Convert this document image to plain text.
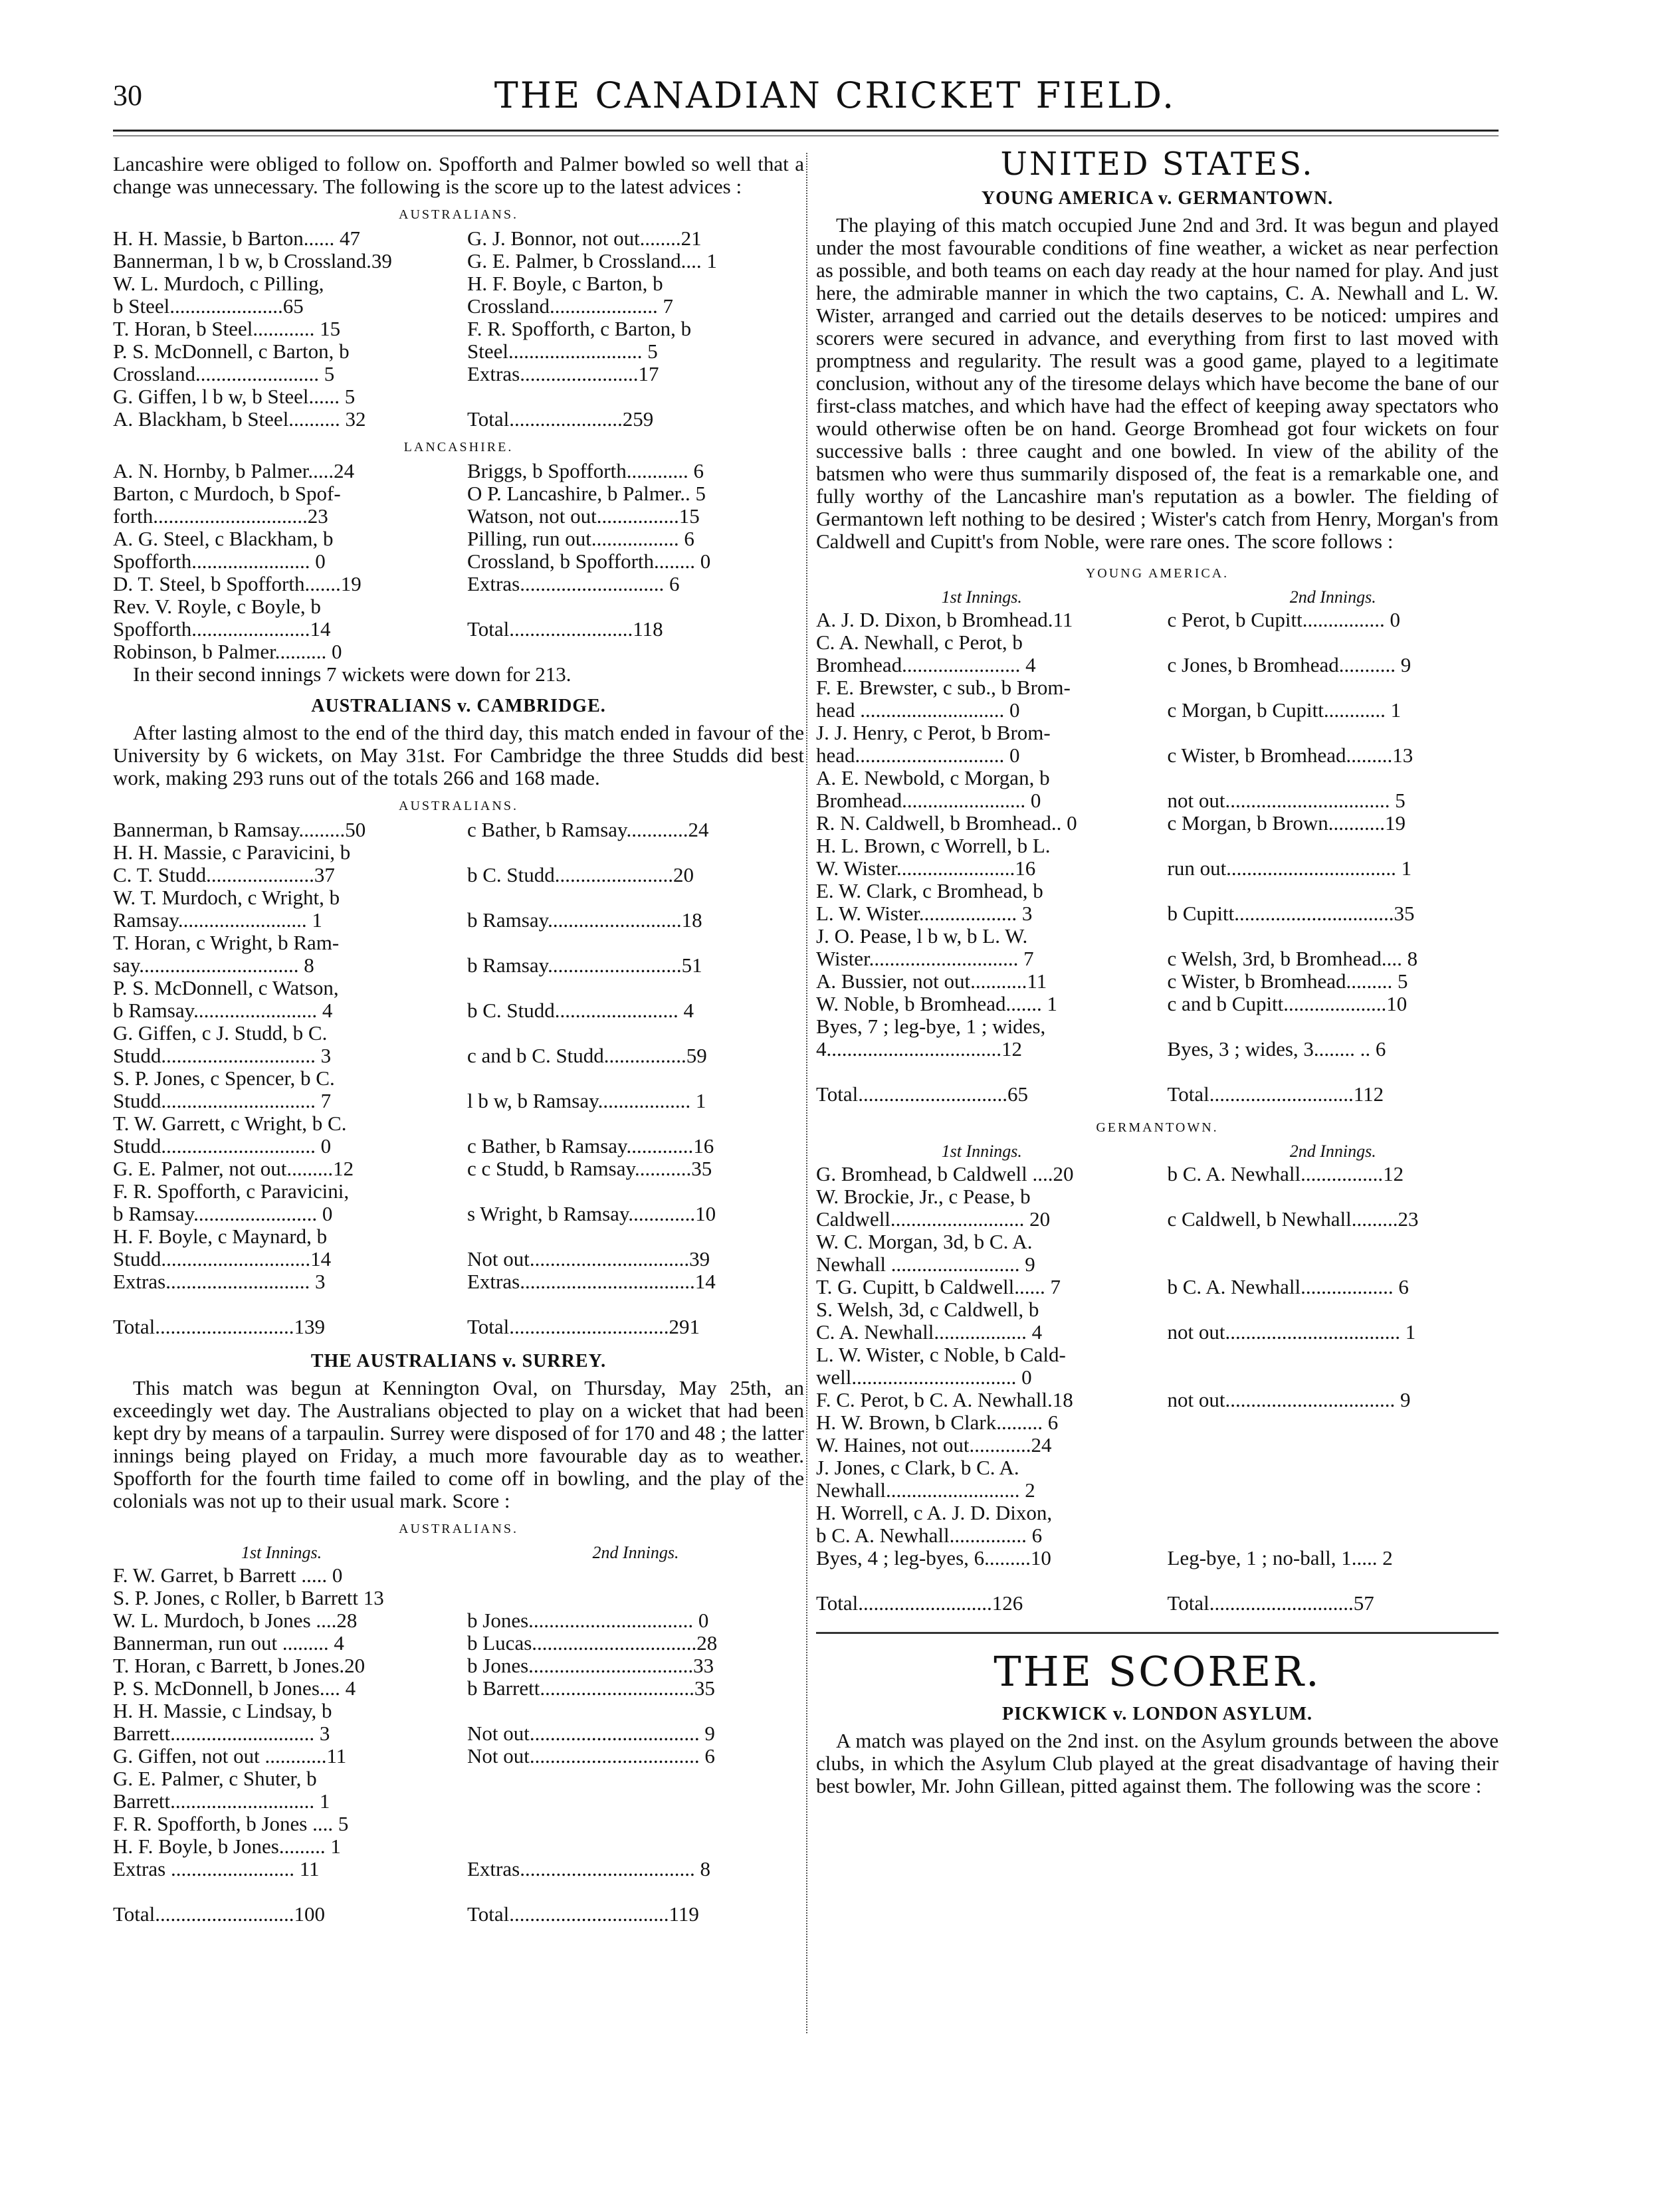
30	THE CANADIAN CRICKET FIELD.

Lancashire were obliged to follow on. Spofforth and Palmer bowled so well that a change was unnecessary. The following is the score up to the latest advices :

AUSTRALIANS.
H. H. Massie, b Barton...... 47	G. J. Bonnor, not out........21
Bannerman, l b w, b Crossland.39	G. E. Palmer, b Crossland.... 1
W. L. Murdoch, c Pilling,	H. F. Boyle, c Barton, b
b Steel......................65	Crossland..................... 7
T. Horan, b Steel............ 15	F. R. Spofforth, c Barton, b
P. S. McDonnell, c Barton, b	Steel.......................... 5
Crossland........................ 5	Extras.......................17
G. Giffen, l b w, b Steel...... 5

A. Blackham, b Steel.......... 32	Total......................259
LANCASHIRE.
A. N. Hornby, b Palmer.....24	Briggs, b Spofforth............ 6
Barton, c Murdoch, b Spof-	O P. Lancashire, b Palmer.. 5
forth..............................23	Watson, not out................15
A. G. Steel, c Blackham, b	Pilling, run out................. 6
Spofforth....................... 0	Crossland, b Spofforth........ 0
D. T. Steel, b Spofforth.......19	Extras............................ 6
Rev. V. Royle, c Boyle, b

Spofforth.......................14	Total........................118
Robinson, b Palmer.......... 0

In their second innings 7 wickets were down for 213.

AUSTRALIANS v. CAMBRIDGE.

After lasting almost to the end of the third day, this match ended in favour of the University by 6 wickets, on May 31st. For Cambridge the three Studds did best work, making 293 runs out of the totals 266 and 168 made.

AUSTRALIANS.
Bannerman, b Ramsay.........50	c Bather, b Ramsay............24
H. H. Massie, c Paravicini, b

C. T. Studd.....................37	b C. Studd.......................20
W. T. Murdoch, c Wright, b

Ramsay......................... 1	b Ramsay..........................18
T. Horan, c Wright, b Ram-

say............................... 8	b Ramsay..........................51
P. S. McDonnell, c Watson,

b Ramsay........................ 4	b C. Studd........................ 4
G. Giffen, c J. Studd, b C.

Studd.............................. 3	c and b C. Studd................59
S. P. Jones, c Spencer, b C.

Studd.............................. 7	l b w, b Ramsay.................. 1
T. W. Garrett, c Wright, b C.

Studd.............................. 0	c Bather, b Ramsay.............16
G. E. Palmer, not out.........12	c c Studd, b Ramsay...........35
F. R. Spofforth, c Paravicini,

b Ramsay........................ 0	s Wright, b Ramsay.............10
H. F. Boyle, c Maynard, b

Studd.............................14	Not out...............................39
Extras............................ 3	Extras..................................14

Total...........................139	Total...............................291
THE AUSTRALIANS v. SURREY.

This match was begun at Kennington Oval, on Thursday, May 25th, an exceedingly wet day. The Australians objected to play on a wicket that had been kept dry by means of a tarpaulin. Surrey were disposed of for 170 and 48 ; the latter innings being played on Friday, a much more favourable day as to weather. Spofforth for the fourth time failed to come off in bowling, and the play of the colonials was not up to their usual mark. Score :

AUSTRALIANS.
1st Innings.	2nd Innings.
F. W. Garret, b Barrett ..... 0

S. P. Jones, c Roller, b Barrett 13

W. L. Murdoch, b Jones ....28	b Jones................................ 0
Bannerman, run out ......... 4	b Lucas................................28
T. Horan, c Barrett, b Jones.20	b Jones................................33
P. S. McDonnell, b Jones.... 4	b Barrett..............................35
H. H. Massie, c Lindsay, b

Barrett............................ 3	Not out................................. 9
G. Giffen, not out ............11	Not out................................. 6
G. E. Palmer, c Shuter, b

Barrett............................ 1

F. R. Spofforth, b Jones .... 5

H. F. Boyle, b Jones......... 1

Extras ........................ 11	Extras.................................. 8

Total...........................100	Total...............................119
UNITED STATES.
YOUNG AMERICA v. GERMANTOWN.

The playing of this match occupied June 2nd and 3rd. It was begun and played under the most favourable conditions of fine weather, a wicket as near perfection as possible, and both teams on each day ready at the hour named for play. And just here, the admirable manner in which the two captains, C. A. Newhall and L. W. Wister, arranged and carried out the details deserves to be noticed: umpires and scorers were secured in advance, and everything from first to last moved with promptness and regularity. The result was a good game, played to a legitimate conclusion, without any of the tiresome delays which have become the bane of our first-class matches, and which have had the effect of keeping away spectators who would otherwise often be on hand. George Bromhead got four wickets on four successive balls : three caught and one bowled. In view of the ability of the batsmen who were thus summarily disposed of, the feat is a remarkable one, and fully worthy of the Lancashire man's reputation as a bowler. The fielding of Germantown left nothing to be desired ; Wister's catch from Henry, Morgan's from Caldwell and Cupitt's from Noble, were rare ones. The score follows :

YOUNG AMERICA.
1st Innings.	2nd Innings.
A. J. D. Dixon, b Bromhead.11	c Perot, b Cupitt................ 0
C. A. Newhall, c Perot, b

Bromhead....................... 4	c Jones, b Bromhead........... 9
F. E. Brewster, c sub., b Brom-

head ............................ 0	c Morgan, b Cupitt............ 1
J. J. Henry, c Perot, b Brom-

head............................. 0	c Wister, b Bromhead.........13
A. E. Newbold, c Morgan, b

Bromhead........................ 0	not out................................ 5
R. N. Caldwell, b Bromhead.. 0	c Morgan, b Brown...........19
H. L. Brown, c Worrell, b L.

W. Wister.......................16	run out................................. 1
E. W. Clark, c Bromhead, b

L. W. Wister................... 3	b Cupitt...............................35
J. O. Pease, l b w, b L. W.

Wister............................. 7	c Welsh, 3rd, b Bromhead.... 8
A. Bussier, not out...........11	c Wister, b Bromhead......... 5
W. Noble, b Bromhead....... 1	c and b Cupitt....................10
Byes, 7 ; leg-bye, 1 ; wides,

4..................................12	Byes, 3 ; wides, 3........ .. 6

Total.............................65	Total............................112
GERMANTOWN.
1st Innings.	2nd Innings.
G. Bromhead, b Caldwell ....20	b C. A. Newhall................12
W. Brockie, Jr., c Pease, b

Caldwell.......................... 20	c Caldwell, b Newhall.........23
W. C. Morgan, 3d, b C. A.

Newhall ......................... 9

T. G. Cupitt, b Caldwell...... 7	b C. A. Newhall.................. 6
S. Welsh, 3d, c Caldwell, b

C. A. Newhall.................. 4	not out.................................. 1
L. W. Wister, c Noble, b Cald-

well................................ 0

F. C. Perot, b C. A. Newhall.18	not out................................. 9
H. W. Brown, b Clark......... 6

W. Haines, not out............24

J. Jones, c Clark, b C. A.

Newhall.......................... 2

H. Worrell, c A. J. D. Dixon,

b C. A. Newhall............... 6

Byes, 4 ; leg-byes, 6.........10	Leg-bye, 1 ; no-ball, 1..... 2

Total..........................126	Total............................57
THE SCORER.
PICKWICK v. LONDON ASYLUM.

A match was played on the 2nd inst. on the Asylum grounds between the above clubs, in which the Asylum Club played at the great disadvantage of having their best bowler, Mr. John Gillean, pitted against them. The following was the score :
